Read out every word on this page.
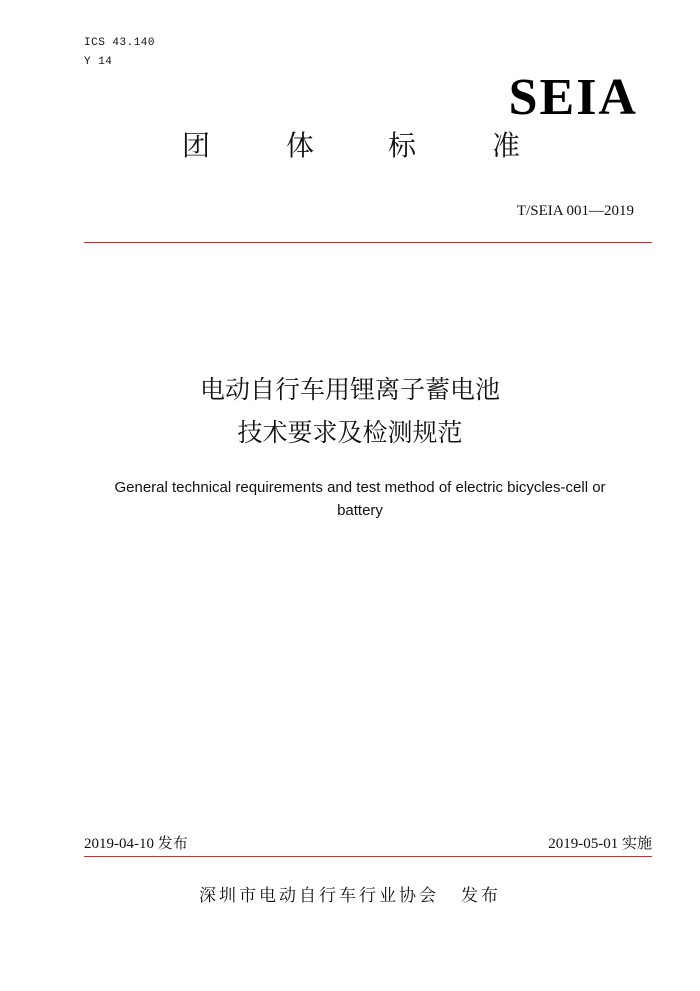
ICS 43.140
Y 14
SEIA
团	体	标	准
T/SEIA 001—2019
电动自行车用锂离子蓄电池
技术要求及检测规范
General technical requirements and test method of electric bicycles-cell or battery
2019-04-10 发布	2019-05-01 实施
深圳市电动自行车行业协会 发布
